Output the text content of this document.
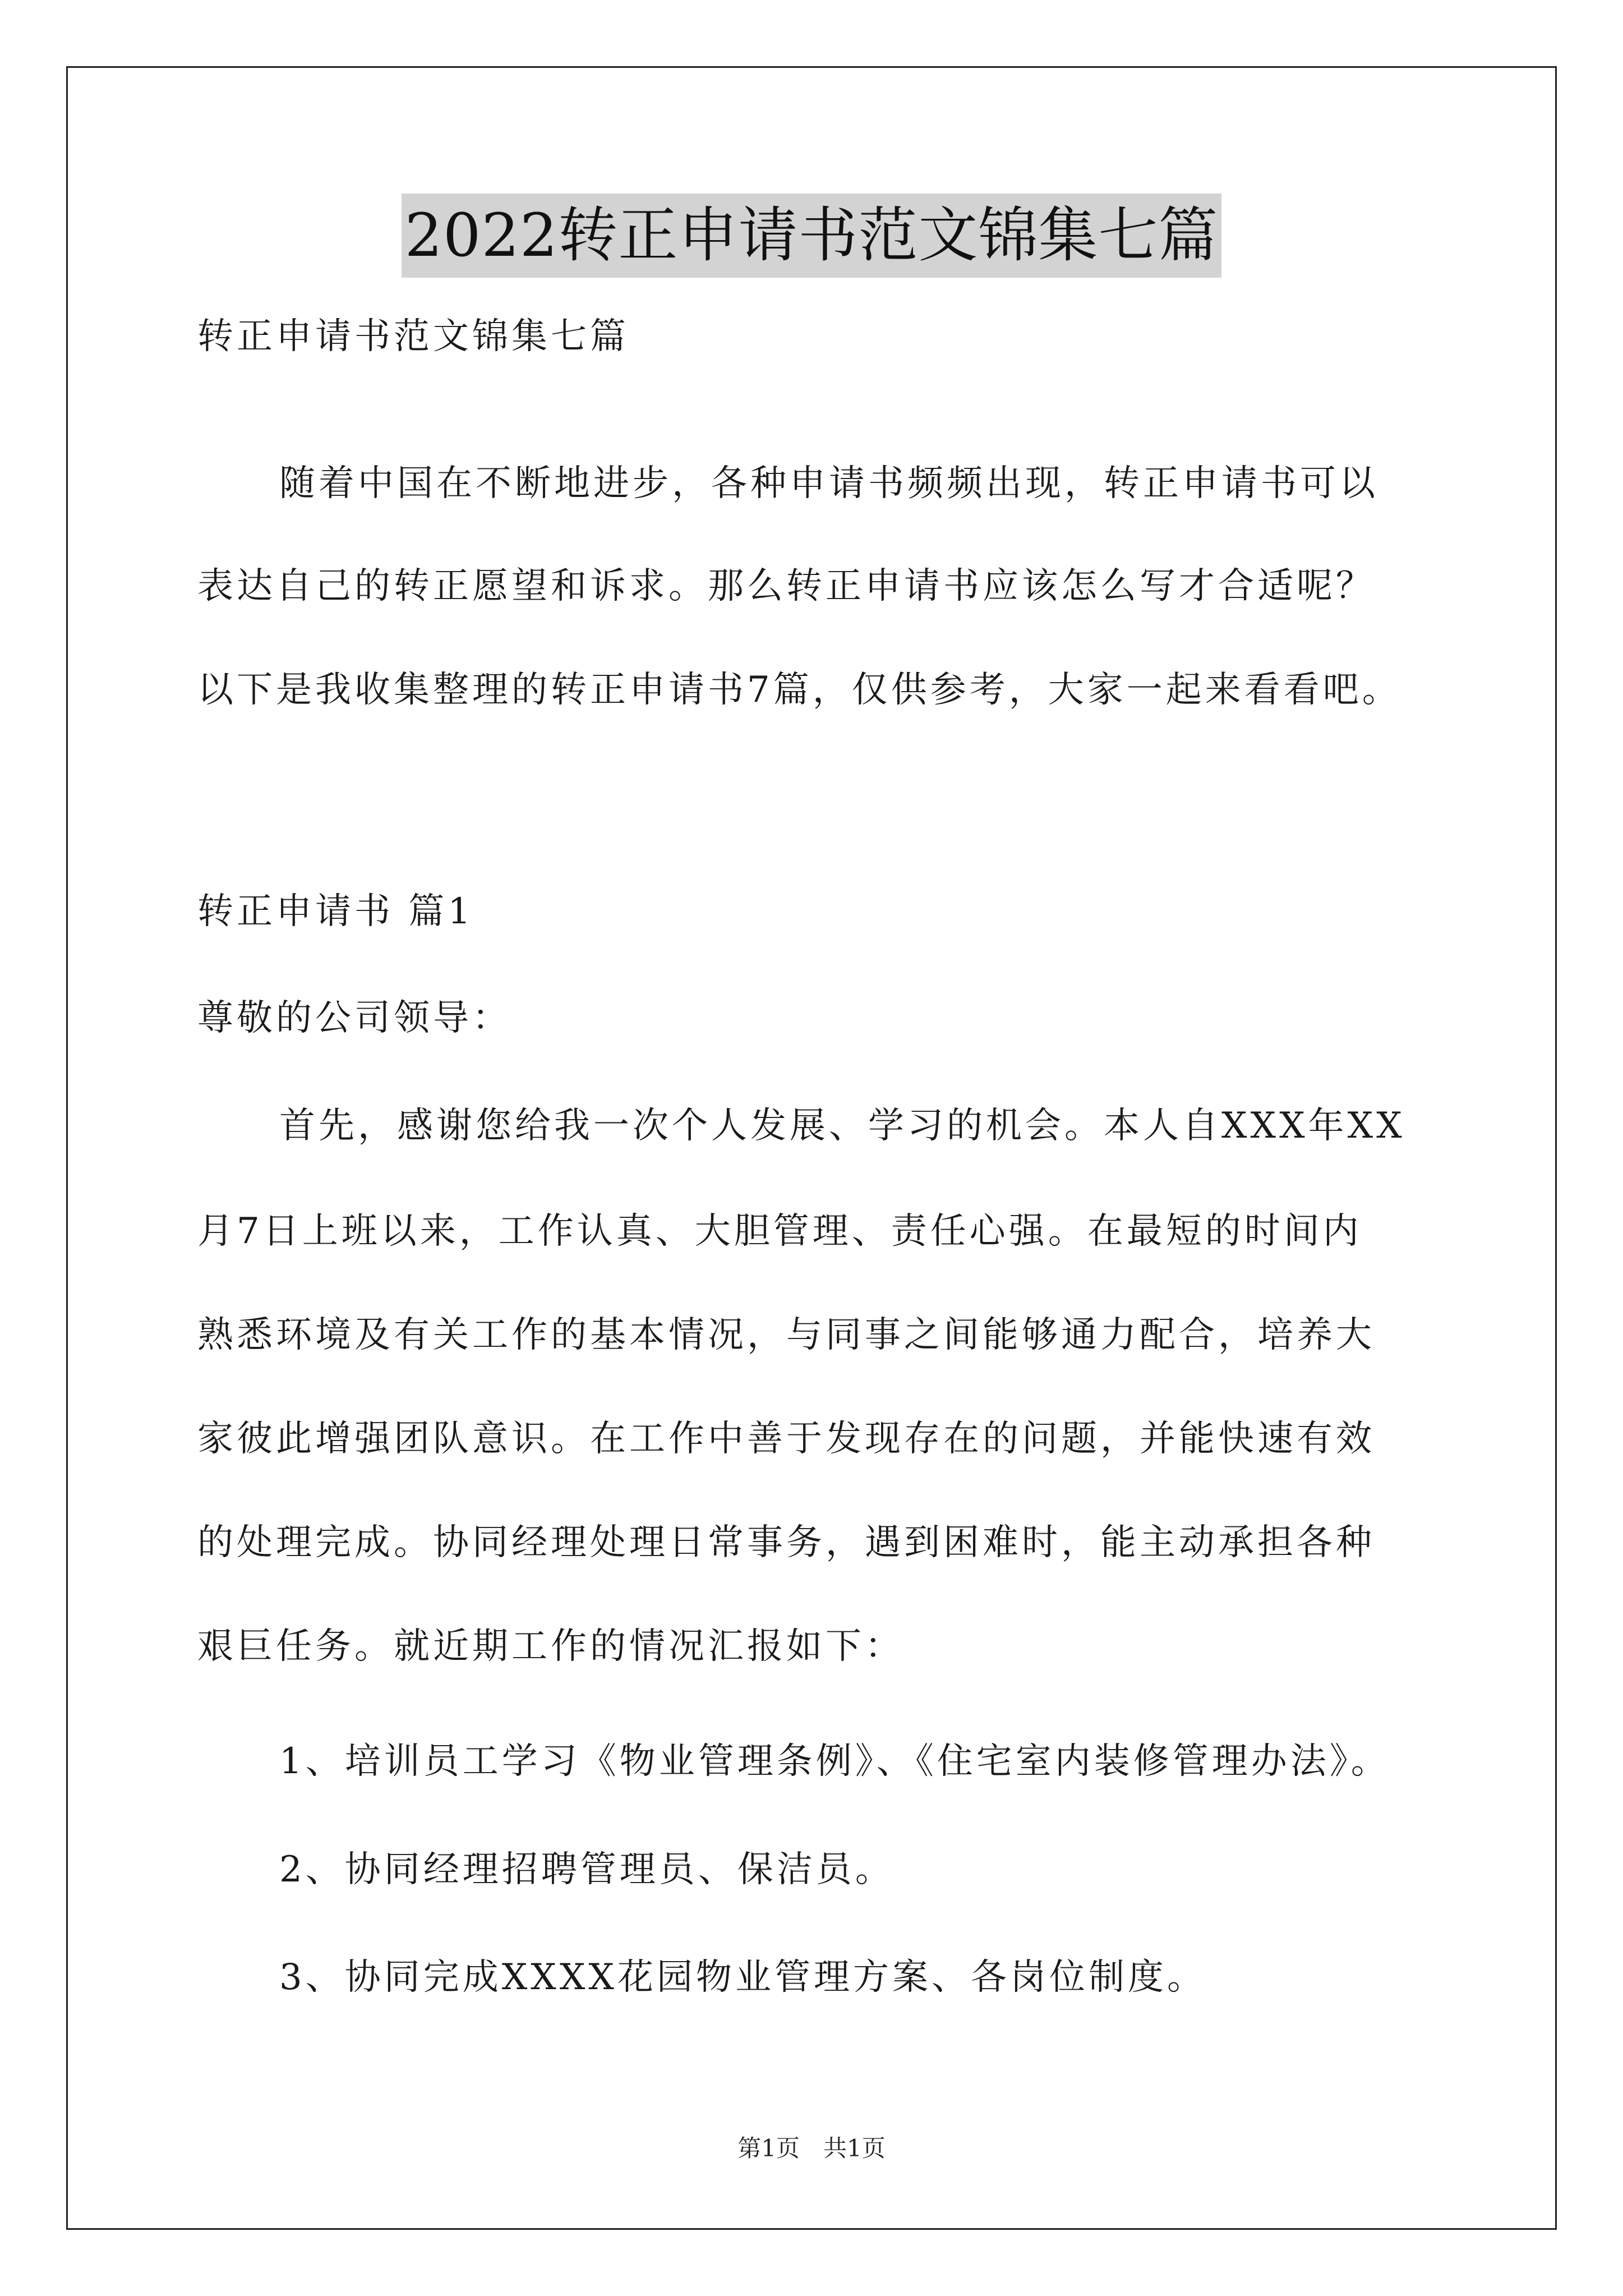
2022转正申请书范文锦集七篇
转正申请书范文锦集七篇
随着中国在不断地进步，各种申请书频频出现，转正申请书可以
表达自己的转正愿望和诉求。那么转正申请书应该怎么写才合适呢？
以下是我收集整理的转正申请书7篇，仅供参考，大家一起来看看吧。
转正申请书 篇1
尊敬的公司领导：
首先，感谢您给我一次个人发展、学习的机会。本人自XXX年XX
月7日上班以来，工作认真、大胆管理、责任心强。在最短的时间内
熟悉环境及有关工作的基本情况，与同事之间能够通力配合，培养大
家彼此增强团队意识。在工作中善于发现存在的问题，并能快速有效
的处理完成。协同经理处理日常事务，遇到困难时，能主动承担各种
艰巨任务。就近期工作的情况汇报如下：
1、培训员工学习《物业管理条例》、《住宅室内装修管理办法》。
2、协同经理招聘管理员、保洁员。
3、协同完成XXXX花园物业管理方案、各岗位制度。
第1页　共1页
